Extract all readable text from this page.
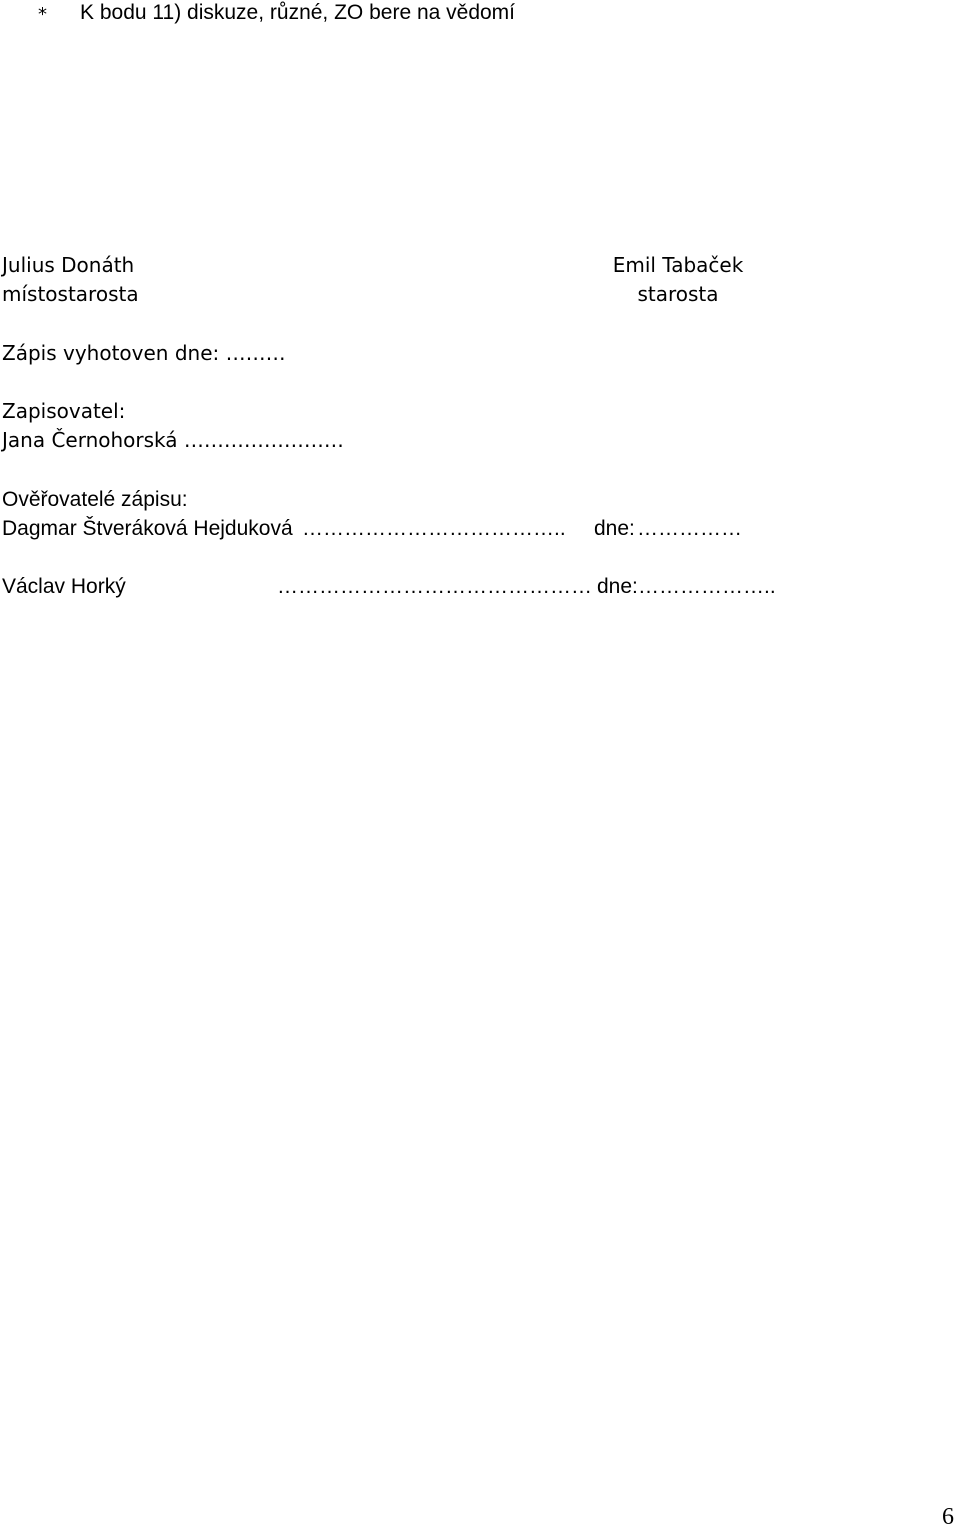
* K bodu 11) diskuze, různé, ZO bere na vědomí
Julius Donáth
místostarosta
Emil Tabaček
starosta
Zápis vyhotoven dne: ………
Zapisovatel:
Jana Černohorská ……………………
Ověřovatelé zápisu:
Dagmar Štveráková Hejduková ……………………………….. dne: ……………
Václav Horký	……………………………………… dne: ………………..
6
